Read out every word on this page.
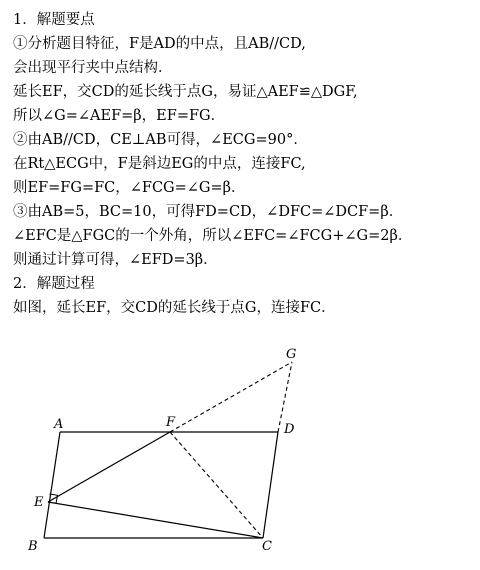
1．解题要点
①分析题目特征，F是AD的中点，且AB//CD,
会出现平行夹中点结构．
延长EF，交CD的延长线于点G，易证△AEF≌△DGF,
所以∠G=∠AEF=β，EF=FG．
②由AB//CD，CE⊥AB可得，∠ECG=90°．
在Rt△ECG中，F是斜边EG的中点，连接FC,
则EF=FG=FC，∠FCG=∠G=β．
③由AB=5，BC=10，可得FD=CD，∠DFC=∠DCF=β．
∠EFC是△FGC的一个外角，所以∠EFC=∠FCG+∠G=2β．
则通过计算可得，∠EFD=3β．
2．解题过程
如图，延长EF，交CD的延长线于点G，连接FC．
A
B	C
D
E
F
G
